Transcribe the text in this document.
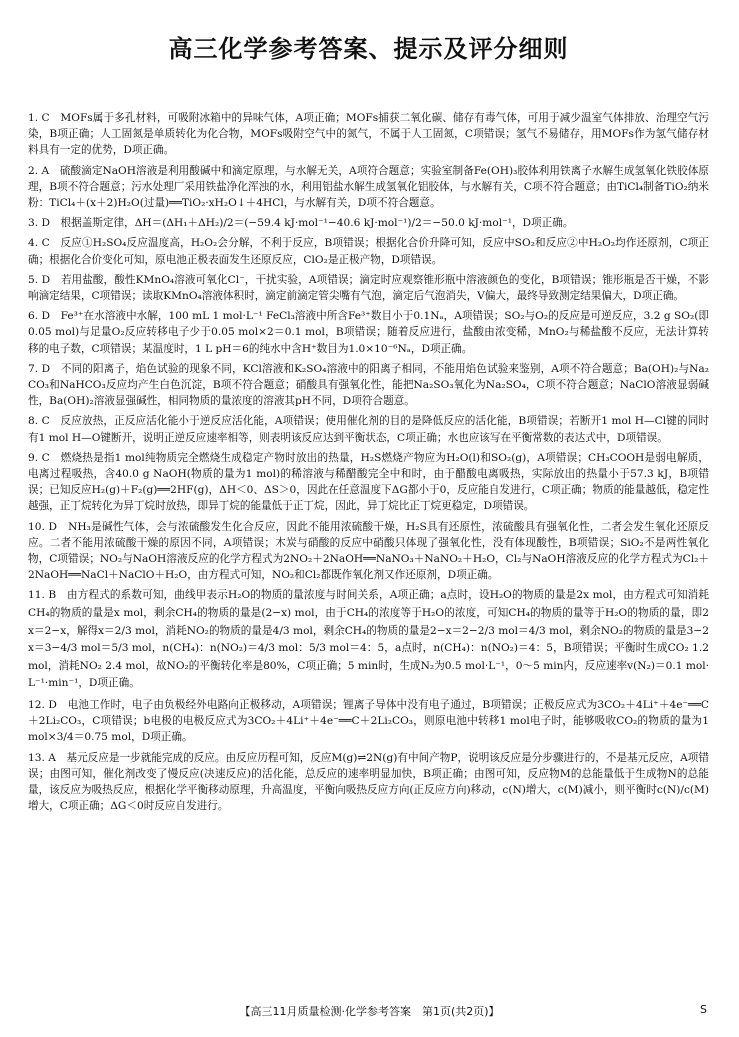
高三化学参考答案、提示及评分细则

1. C　MOFs属于多孔材料，可吸附冰箱中的异味气体，A项正确；MOFs捕获二氧化碳、储存有毒气体，可用于减少温室气体排放、治理空气污染，B项正确；人工固氮是单质转化为化合物，MOFs吸附空气中的氮气，不属于人工固氮，C项错误；氢气不易储存，用MOFs作为氢气储存材料具有一定的优势，D项正确。

2. A　硫酸滴定NaOH溶液是利用酸碱中和滴定原理，与水解无关，A项符合题意；实验室制备Fe(OH)₃胶体利用铁离子水解生成氢氧化铁胶体原理，B项不符合题意；污水处理厂采用铁盐净化浑浊的水，利用铝盐水解生成氢氧化铝胶体，与水解有关，C项不符合题意；由TiCl₄制备TiO₂纳米粉：TiCl₄＋(x＋2)H₂O(过量)══TiO₂·xH₂O↓＋4HCl，与水解有关，D项不符合题意。

3. D　根据盖斯定律，ΔH＝(ΔH₁＋ΔH₂)/2＝(−59.4 kJ·mol⁻¹−40.6 kJ·mol⁻¹)/2＝−50.0 kJ·mol⁻¹，D项正确。

4. C　反应①H₂SO₄反应温度高，H₂O₂会分解，不利于反应，B项错误；根据化合价升降可知，反应中SO₂和反应②中H₂O₂均作还原剂，C项正确；根据化合价变化可知，原电池正极表面发生还原反应，ClO₂是正极产物，D项错误。

5. D　若用盐酸，酸性KMnO₄溶液可氧化Cl⁻，干扰实验，A项错误；滴定时应观察锥形瓶中溶液颜色的变化，B项错误；锥形瓶是否干燥，不影响滴定结果，C项错误；读取KMnO₄溶液体积时，滴定前滴定管尖嘴有气泡，滴定后气泡消失，V偏大，最终导致测定结果偏大，D项正确。

6. D　Fe³⁺在水溶液中水解，100 mL 1 mol·L⁻¹ FeCl₃溶液中所含Fe³⁺数目小于0.1Nₐ，A项错误；SO₂与O₂的反应是可逆反应，3.2 g SO₂(即0.05 mol)与足量O₂反应转移电子少于0.05 mol×2＝0.1 mol，B项错误；随着反应进行，盐酸由浓变稀，MnO₂与稀盐酸不反应，无法计算转移的电子数，C项错误；某温度时，1 L pH＝6的纯水中含H⁺数目为1.0×10⁻⁶Nₐ，D项正确。

7. D　不同的阳离子，焰色试验的现象不同，KCl溶液和K₂SO₄溶液中的阳离子相同，不能用焰色试验来鉴别，A项不符合题意；Ba(OH)₂与Na₂CO₃和NaHCO₃反应均产生白色沉淀，B项不符合题意；硝酸具有强氧化性，能把Na₂SO₃氧化为Na₂SO₄，C项不符合题意；NaClO溶液显弱碱性，Ba(OH)₂溶液显强碱性，相同物质的量浓度的溶液其pH不同，D项符合题意。

8. C　反应放热，正反应活化能小于逆反应活化能，A项错误；使用催化剂的目的是降低反应的活化能，B项错误；若断开1 mol H—Cl键的同时有1 mol H—O键断开，说明正逆反应速率相等，则表明该反应达到平衡状态，C项正确；水也应该写在平衡常数的表达式中，D项错误。

9. C　燃烧热是指1 mol纯物质完全燃烧生成稳定产物时放出的热量，H₂S燃烧产物应为H₂O(l)和SO₂(g)，A项错误；CH₃COOH是弱电解质，电离过程吸热，含40.0 g NaOH(物质的量为1 mol)的稀溶液与稀醋酸完全中和时，由于醋酸电离吸热，实际放出的热量小于57.3 kJ，B项错误；已知反应H₂(g)＋F₂(g)══2HF(g)，ΔH＜0、ΔS＞0，因此在任意温度下ΔG都小于0，反应能自发进行，C项正确；物质的能量越低，稳定性越强，正丁烷转化为异丁烷时放热，即异丁烷的能量低于正丁烷，因此，异丁烷比正丁烷更稳定，D项错误。

10. D　NH₃是碱性气体，会与浓硫酸发生化合反应，因此不能用浓硫酸干燥，H₂S具有还原性，浓硫酸具有强氧化性，二者会发生氧化还原反应。二者不能用浓硫酸干燥的原因不同，A项错误；木炭与硝酸的反应中硝酸只体现了强氧化性，没有体现酸性，B项错误；SiO₂不是两性氧化物，C项错误；NO₂与NaOH溶液反应的化学方程式为2NO₂＋2NaOH══NaNO₃＋NaNO₂＋H₂O，Cl₂与NaOH溶液反应的化学方程式为Cl₂＋2NaOH══NaCl＋NaClO＋H₂O，由方程式可知，NO₂和Cl₂都既作氧化剂又作还原剂，D项正确。

11. B　由方程式的系数可知，曲线甲表示H₂O的物质的量浓度与时间关系，A项正确；a点时，设H₂O的物质的量是2x mol，由方程式可知消耗CH₄的物质的量是x mol，剩余CH₄的物质的量是(2−x) mol，由于CH₄的浓度等于H₂O的浓度，可知CH₄的物质的量等于H₂O的物质的量，即2x＝2−x，解得x＝2/3 mol，消耗NO₂的物质的量是4/3 mol，剩余CH₄的物质的量是2−x＝2−2/3 mol＝4/3 mol，剩余NO₂的物质的量是3−2x＝3−4/3 mol＝5/3 mol，n(CH₄)：n(NO₂)＝4/3 mol：5/3 mol＝4：5，a点时，n(CH₄)：n(NO₂)＝4：5，B项错误；平衡时生成CO₂ 1.2 mol，消耗NO₂ 2.4 mol，故NO₂的平衡转化率是80%，C项正确；5 min时，生成N₂为0.5 mol·L⁻¹，0～5 min内，反应速率v(N₂)＝0.1 mol·L⁻¹·min⁻¹，D项正确。

12. D　电池工作时，电子由负极经外电路向正极移动，A项错误；锂离子导体中没有电子通过，B项错误；正极反应式为3CO₂＋4Li⁺＋4e⁻══C＋2Li₂CO₃，C项错误；b电极的电极反应式为3CO₂＋4Li⁺＋4e⁻══C＋2Li₂CO₃，则原电池中转移1 mol电子时，能够吸收CO₂的物质的量为1 mol×3/4＝0.75 mol，D项正确。

13. A　基元反应是一步就能完成的反应。由反应历程可知，反应M(g)⇌2N(g)有中间产物P，说明该反应是分步骤进行的，不是基元反应，A项错误；由图可知，催化剂改变了慢反应(决速反应)的活化能，总反应的速率明显加快，B项正确；由图可知，反应物M的总能量低于生成物N的总能量，该反应为吸热反应，根据化学平衡移动原理，升高温度，平衡向吸热反应方向(正反应方向)移动，c(N)增大，c(M)减小，则平衡时c(N)/c(M)增大，C项正确；ΔG＜0时反应自发进行。

【高三11月质量检测·化学参考答案　第1页(共2页)】	S
